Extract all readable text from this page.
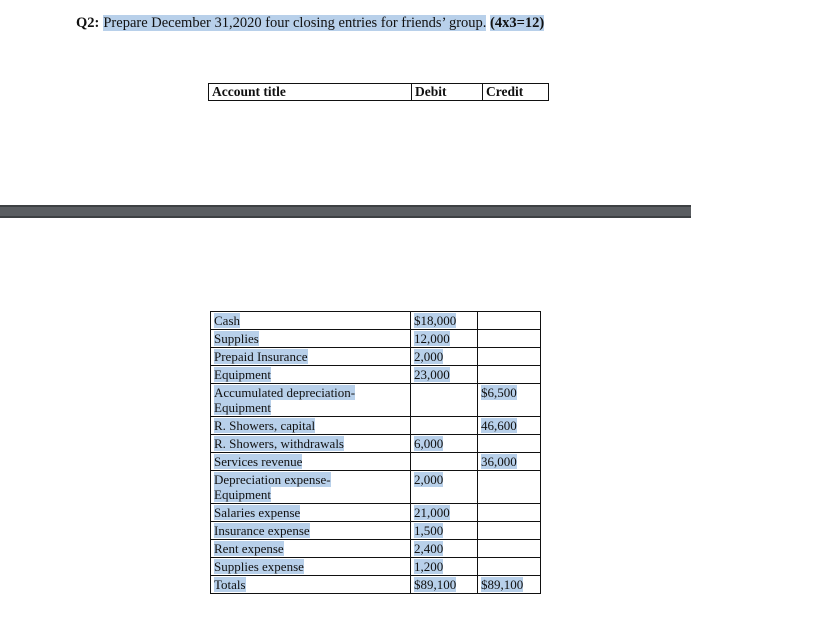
Q2: Prepare December 31,2020 four closing entries for friends’ group. (4x3=12)
Account title	Debit	Credit
Cash	$18,000	
Supplies	12,000	
Prepaid Insurance	2,000	
Equipment	23,000	
Accumulated depreciation-
Equipment		$6,500
R. Showers, capital		46,600
R. Showers, withdrawals	6,000	
Services revenue		36,000
Depreciation expense-
Equipment	2,000	
Salaries expense	21,000	
Insurance expense	1,500	
Rent expense	2,400	
Supplies expense	1,200	
Totals	$89,100	$89,100
